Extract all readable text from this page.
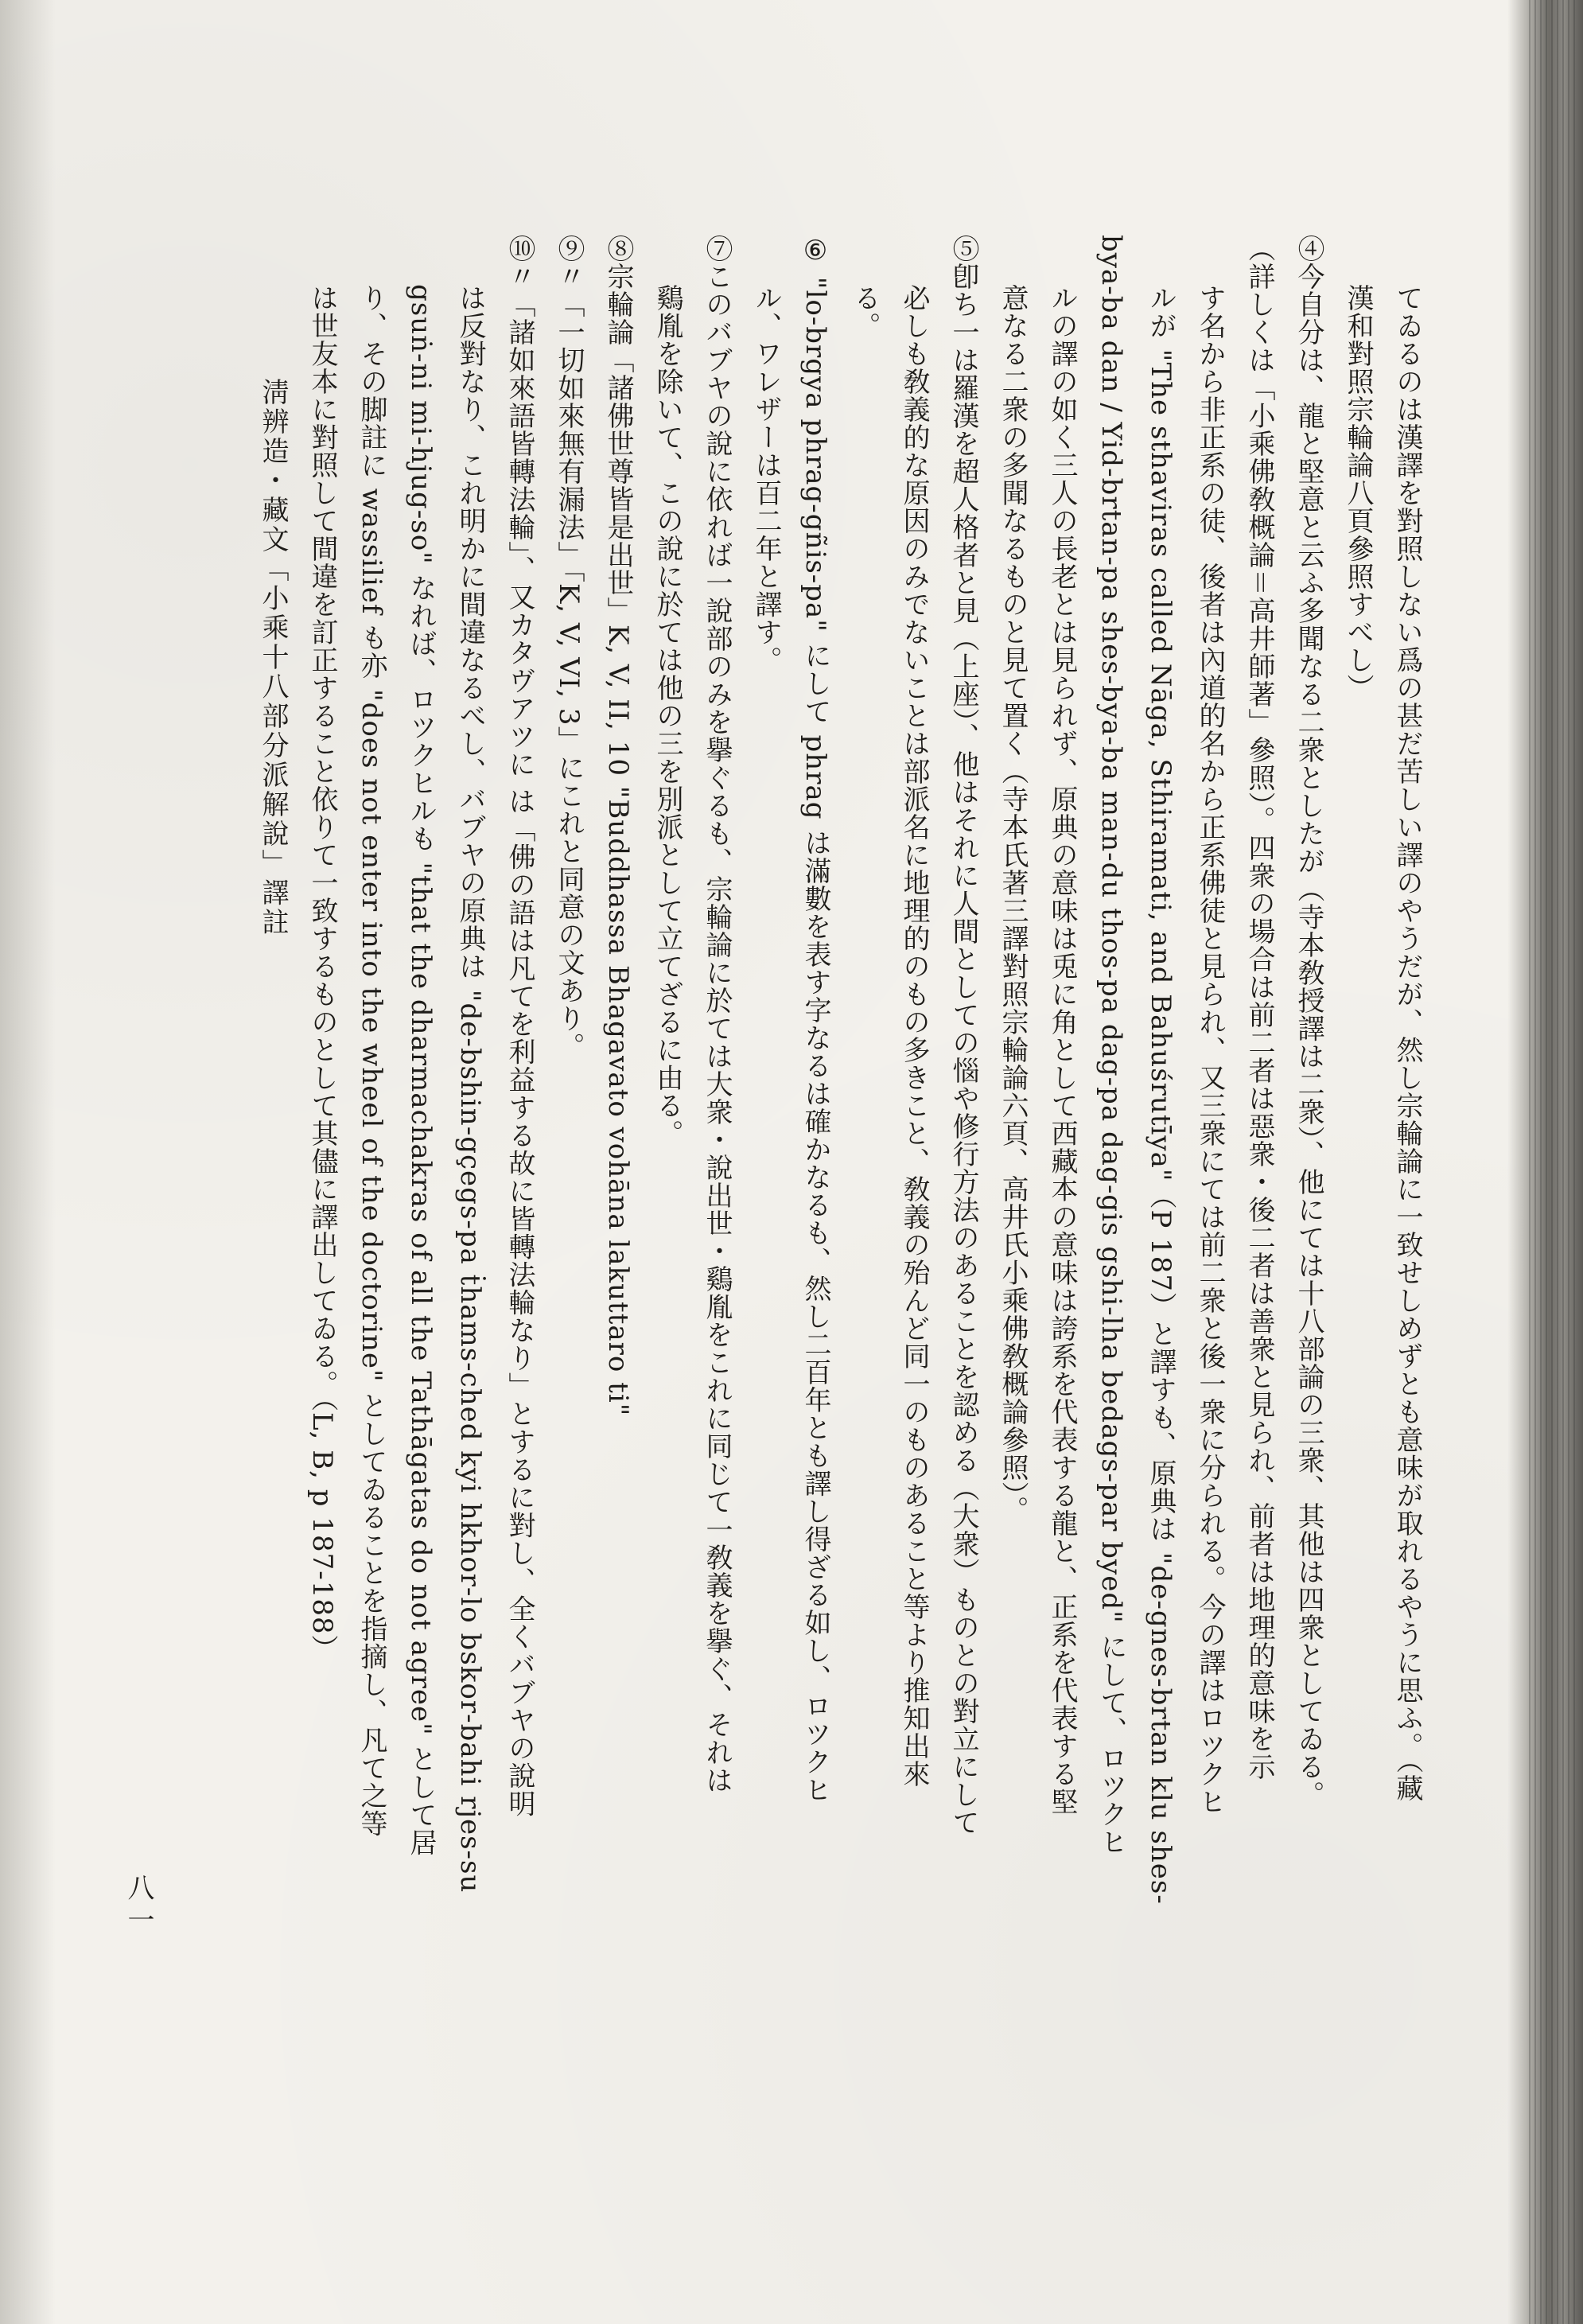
てゐるのは漢譯を對照しない爲の甚だ苦しい譯のやうだが、然し宗輪論に一致せしめずとも意味が取れるやうに思ふ。（藏
漢和對照宗輪論八頁參照すべし）
④今自分は、龍と堅意と云ふ多聞なる二衆としたが（寺本敎授譯は二衆）、他にては十八部論の三衆、其他は四衆としてゐる。
（詳しくは「小乘佛敎概論＝高井師著」參照）。四衆の場合は前二者は惡衆・後二者は善衆と見られ、前者は地理的意味を示
す名から非正系の徒、後者は內道的名から正系佛徒と見られ、又三衆にては前二衆と後一衆に分られる。今の譯はロツクヒ
ルが "The sthaviras called Nāga, Sthiramati, and Bahuśrutīya"（P 187）と譯すも、原典は "de-gnes-brtan klu shes-
bya-ba dan / Yid-brtan-pa shes-bya-ba man-du thos-pa dag-pa dag-gis gshi-lha bedags-par byed" にして、ロツクヒ
ルの譯の如く三人の長老とは見られず、原典の意味は兎に角として西藏本の意味は誇系を代表する龍と、正系を代表する堅
意なる二衆の多聞なるものと見て置く（寺本氏著三譯對照宗輪論六頁、高井氏小乘佛敎概論參照）。
⑤卽ち一は羅漢を超人格者と見（上座）、他はそれに人間としての惱や修行方法のあることを認める（大衆）ものとの對立にして
必しも敎義的な原因のみでないことは部派名に地理的のもの多きこと、敎義の殆んど同一のものあること等より推知出來
る。
⑥ "lo-brgya phrag-gñis-pa" にして phrag は滿數を表す字なるは確かなるも、然し二百年とも譯し得ざる如し、ロツクヒ
ル、ワレザーは百二年と譯す。
⑦このバブヤの說に依れば一說部のみを擧ぐるも、宗輪論に於ては大衆・說出世・鷄胤をこれに同じて一敎義を擧ぐ、それは
鷄胤を除いて、この說に於ては他の三を別派として立てざるに由る。
⑧宗輪論「諸佛世尊皆是出世」K, V, II, 10 "Buddhassa Bhagavato vohāna lakuttaro ti"
⑨〃「一切如來無有漏法」「K, V, VI, 3」にこれと同意の文あり。
⑩〃「諸如來語皆轉法輪」、又カタヴアツに は「佛の語は凡てを利益する故に皆轉法輪なり」とするに對し、全くバブヤの說明
は反對なり、これ明かに間違なるべし、バブヤの原典は "de-bshin-gçegs-pa ṫhams-ched kyi hkhor-lo bskor-bahi rjes-su
gsuṅ-ni mi-hjug-so" なれば、ロツクヒルも "that the dharmachakras of all the Tathāgatas do not agree" として居
り、その脚註に wassilief も亦 "does not enter into the wheel of the doctorine" としてゐることを指摘し、凡て之等
は世友本に對照して間違を訂正すること依りて一致するものとして其儘に譯出してゐる。（L, B, p 187-188）
淸辨造・藏文「小乘十八部分派解說」譯註
八一
